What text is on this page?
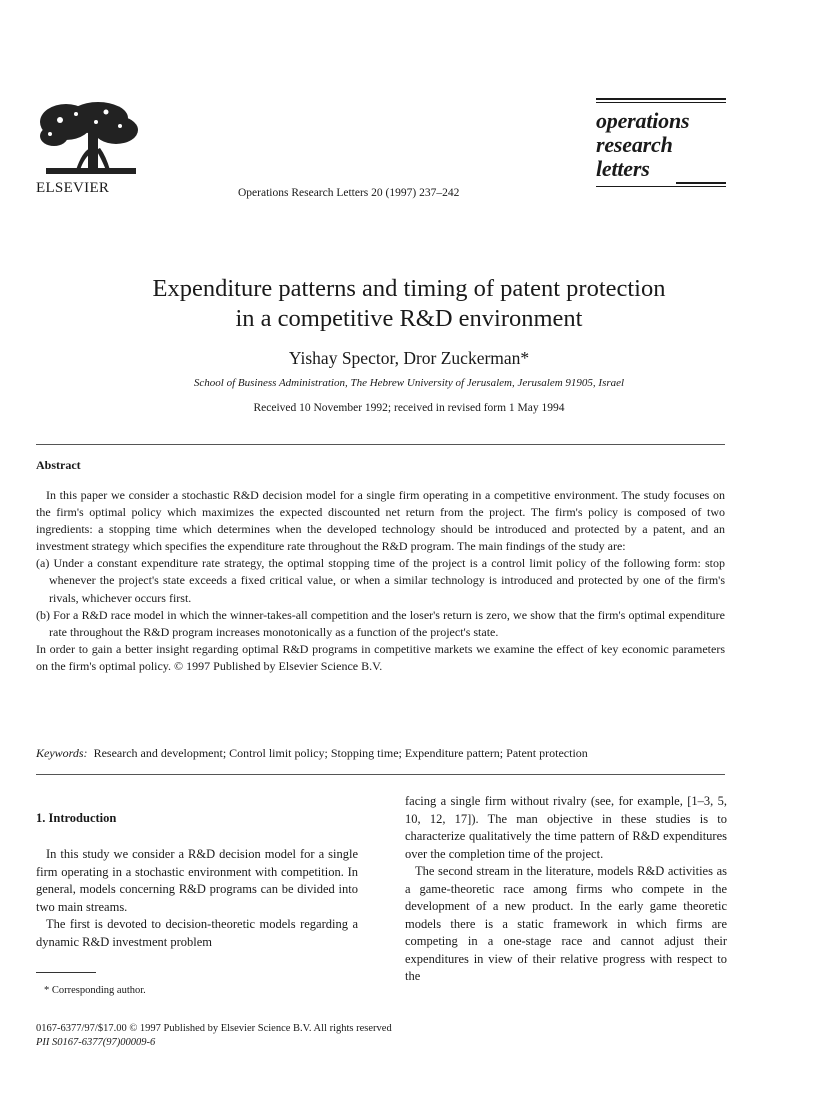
ELSEVIER	Operations Research Letters 20 (1997) 237–242
operations
research
letters
Expenditure patterns and timing of patent protection
in a competitive R&D environment
Yishay Spector, Dror Zuckerman*
School of Business Administration, The Hebrew University of Jerusalem, Jerusalem 91905, Israel
Received 10 November 1992; received in revised form 1 May 1994
Abstract

In this paper we consider a stochastic R&D decision model for a single firm operating in a competitive environment. The study focuses on the firm's optimal policy which maximizes the expected discounted net return from the project. The firm's policy is composed of two ingredients: a stopping time which determines when the developed technology should be introduced and protected by a patent, and an investment strategy which specifies the expenditure rate throughout the R&D program. The main findings of the study are:

(a) Under a constant expenditure rate strategy, the optimal stopping time of the project is a control limit policy of the following form: stop whenever the project's state exceeds a fixed critical value, or when a similar technology is introduced and protected by one of the firm's rivals, whichever occurs first.

(b) For a R&D race model in which the winner-takes-all competition and the loser's return is zero, we show that the firm's optimal expenditure rate throughout the R&D program increases monotonically as a function of the project's state.

In order to gain a better insight regarding optimal R&D programs in competitive markets we examine the effect of key economic parameters on the firm's optimal policy. © 1997 Published by Elsevier Science B.V.

Keywords: Research and development; Control limit policy; Stopping time; Expenditure pattern; Patent protection
1. Introduction

In this study we consider a R&D decision model for a single firm operating in a stochastic environment with competition. In general, models concerning R&D programs can be divided into two main streams.

The first is devoted to decision-theoretic models regarding a dynamic R&D investment problem

facing a single firm without rivalry (see, for example, [1–3, 5, 10, 12, 17]). The man objective in these studies is to characterize qualitatively the time pattern of R&D expenditures over the completion time of the project.

The second stream in the literature, models R&D activities as a game-theoretic race among firms who compete in the development of a new product. In the early game theoretic models there is a static framework in which firms are competing in a one-stage race and cannot adjust their expenditures in view of their relative progress with respect to the

* Corresponding author.
0167-6377/97/$17.00 © 1997 Published by Elsevier Science B.V. All rights reserved
PII S0167-6377(97)00009-6
